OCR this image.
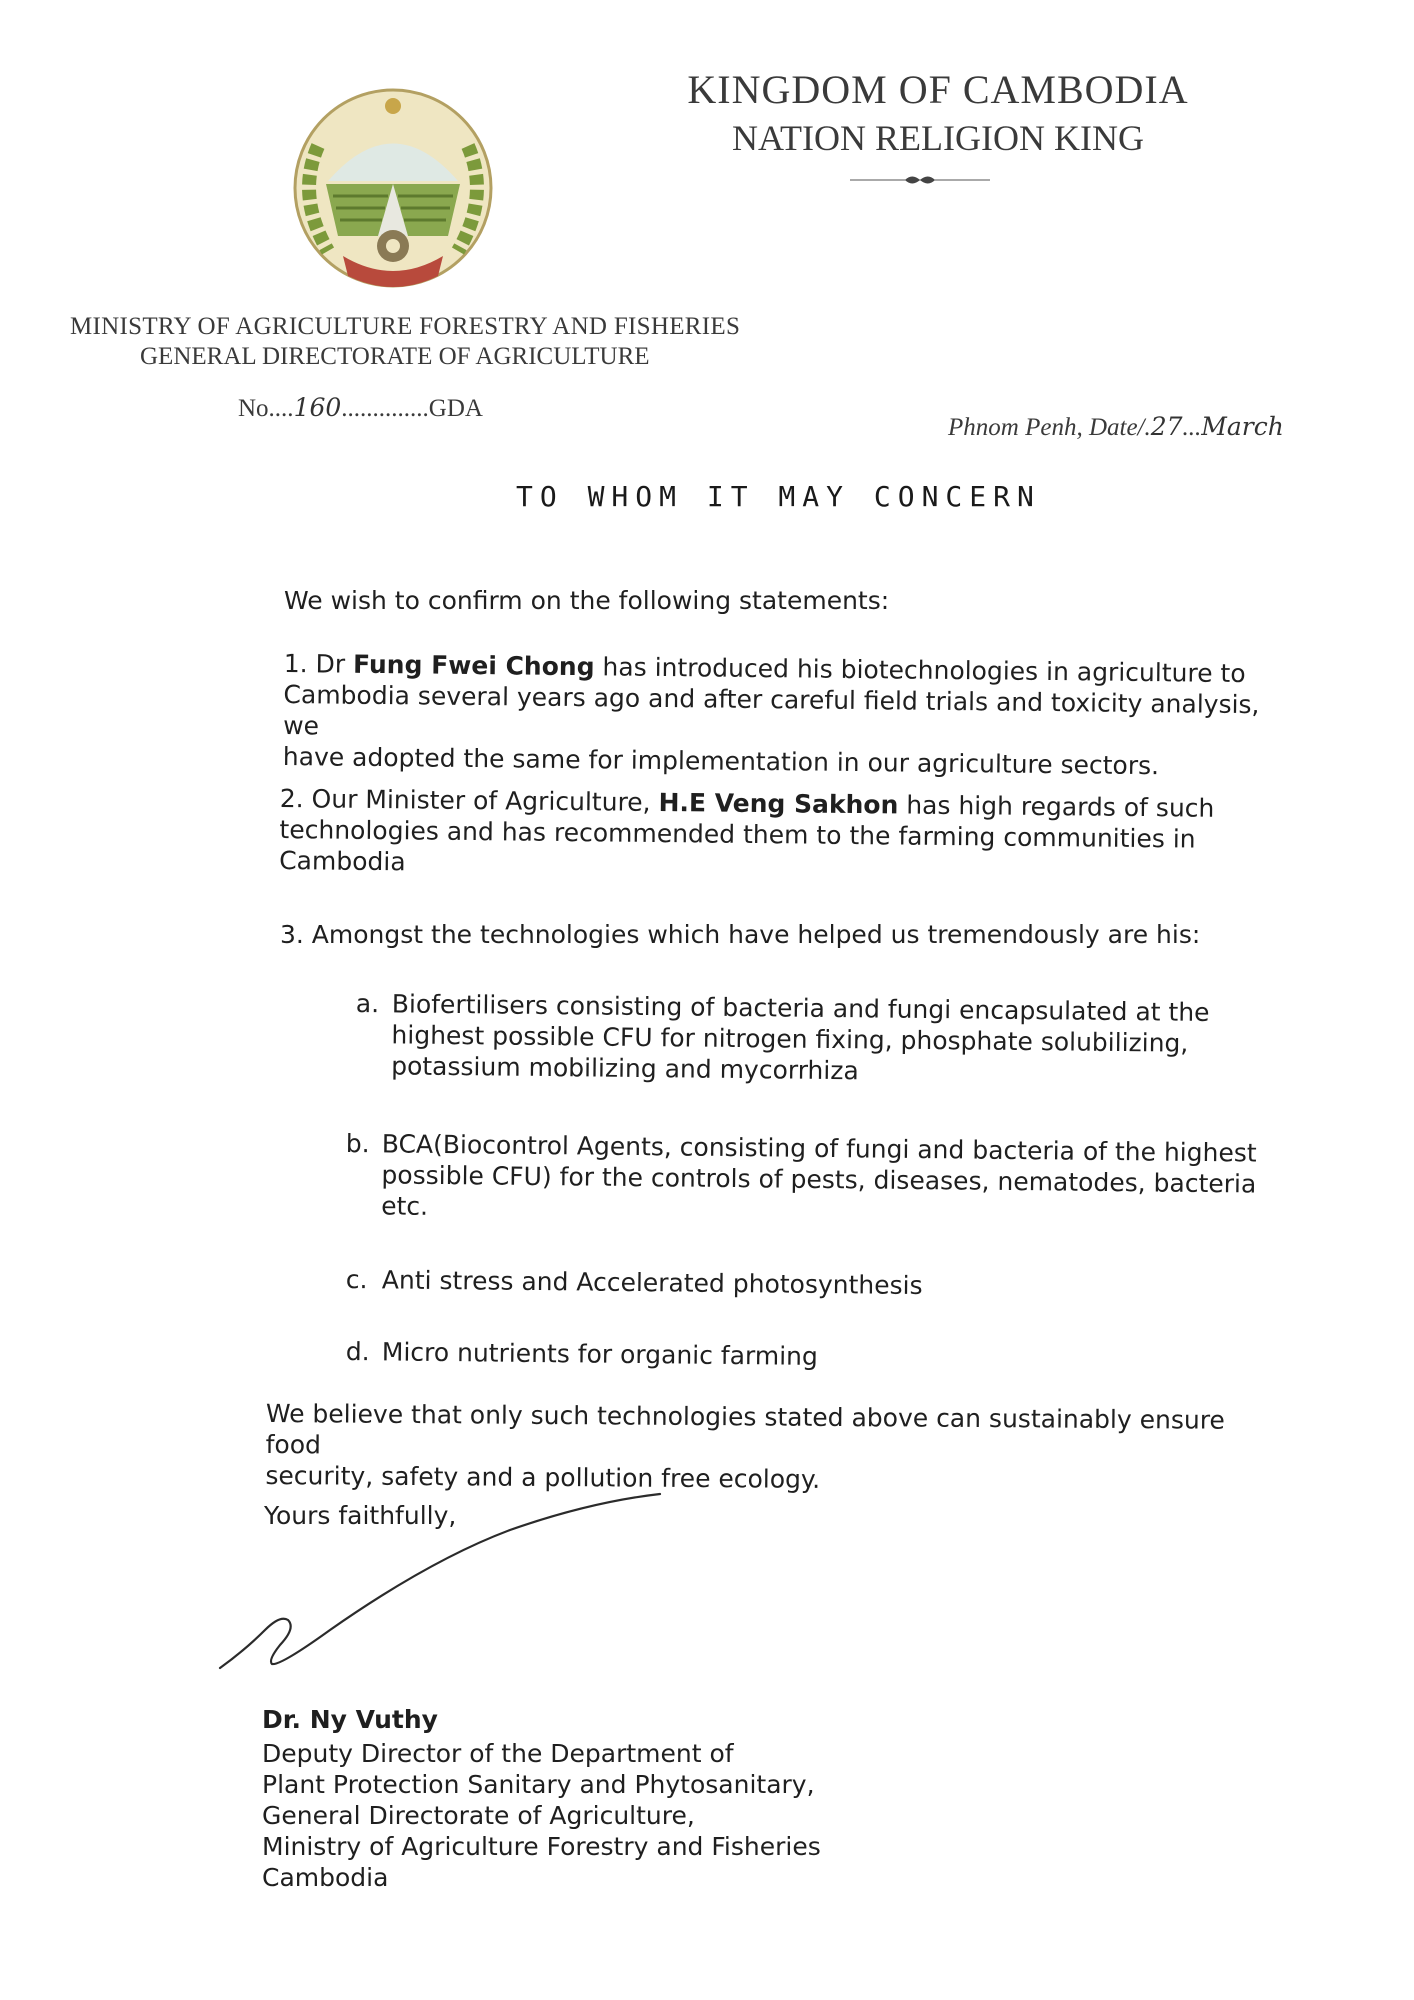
KINGDOM OF CAMBODIA
NATION RELIGION KING
MINISTRY OF AGRICULTURE FORESTRY AND FISHERIES
GENERAL DIRECTORATE OF AGRICULTURE
No....160..............GDA
Phnom Penh, Date/.27...March
TO WHOM IT MAY CONCERN
We wish to confirm on the following statements:
1. Dr Fung Fwei Chong has introduced his biotechnologies in agriculture to
Cambodia several years ago and after careful field trials and toxicity analysis, we
have adopted the same for implementation in our agriculture sectors.
2. Our Minister of Agriculture, H.E Veng Sakhon has high regards of such
technologies and has recommended them to the farming communities in
Cambodia
3. Amongst the technologies which have helped us tremendously are his:
a. Biofertilisers consisting of bacteria and fungi encapsulated at the
highest possible CFU for nitrogen fixing, phosphate solubilizing,
potassium mobilizing and mycorrhiza
b. BCA(Biocontrol Agents, consisting of fungi and bacteria of the highest
possible CFU) for the controls of pests, diseases, nematodes, bacteria
etc.
c. Anti stress and Accelerated photosynthesis
d. Micro nutrients for organic farming
We believe that only such technologies stated above can sustainably ensure food
security, safety and a pollution free ecology.
Yours faithfully,
Dr. Ny Vuthy
Deputy Director of the Department of
Plant Protection Sanitary and Phytosanitary,
General Directorate of Agriculture,
Ministry of Agriculture Forestry and Fisheries
Cambodia
